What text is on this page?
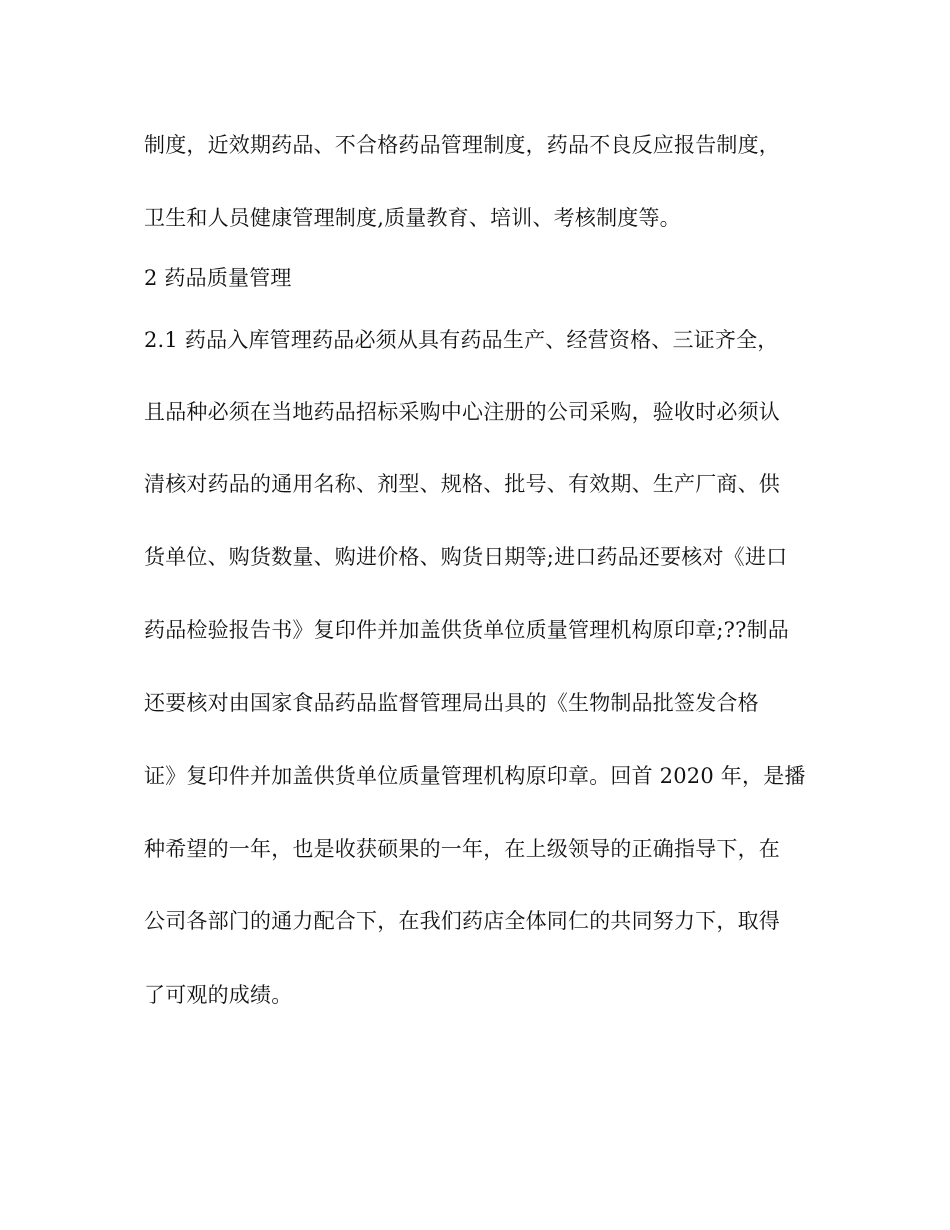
制度，近效期药品、不合格药品管理制度，药品不良反应报告制度，
卫生和人员健康管理制度,质量教育、培训、考核制度等。
2 药品质量管理
2.1 药品入库管理药品必须从具有药品生产、经营资格、三证齐全，
且品种必须在当地药品招标采购中心注册的公司采购，验收时必须认
清核对药品的通用名称、剂型、规格、批号、有效期、生产厂商、供
货单位、购货数量、购进价格、购货日期等;进口药品还要核对《进口
药品检验报告书》复印件并加盖供货单位质量管理机构原印章;??制品
还要核对由国家食品药品监督管理局出具的《生物制品批签发合格
证》复印件并加盖供货单位质量管理机构原印章。回首 2020 年，是播
种希望的一年，也是收获硕果的一年，在上级领导的正确指导下，在
公司各部门的通力配合下，在我们药店全体同仁的共同努力下，取得
了可观的成绩。
